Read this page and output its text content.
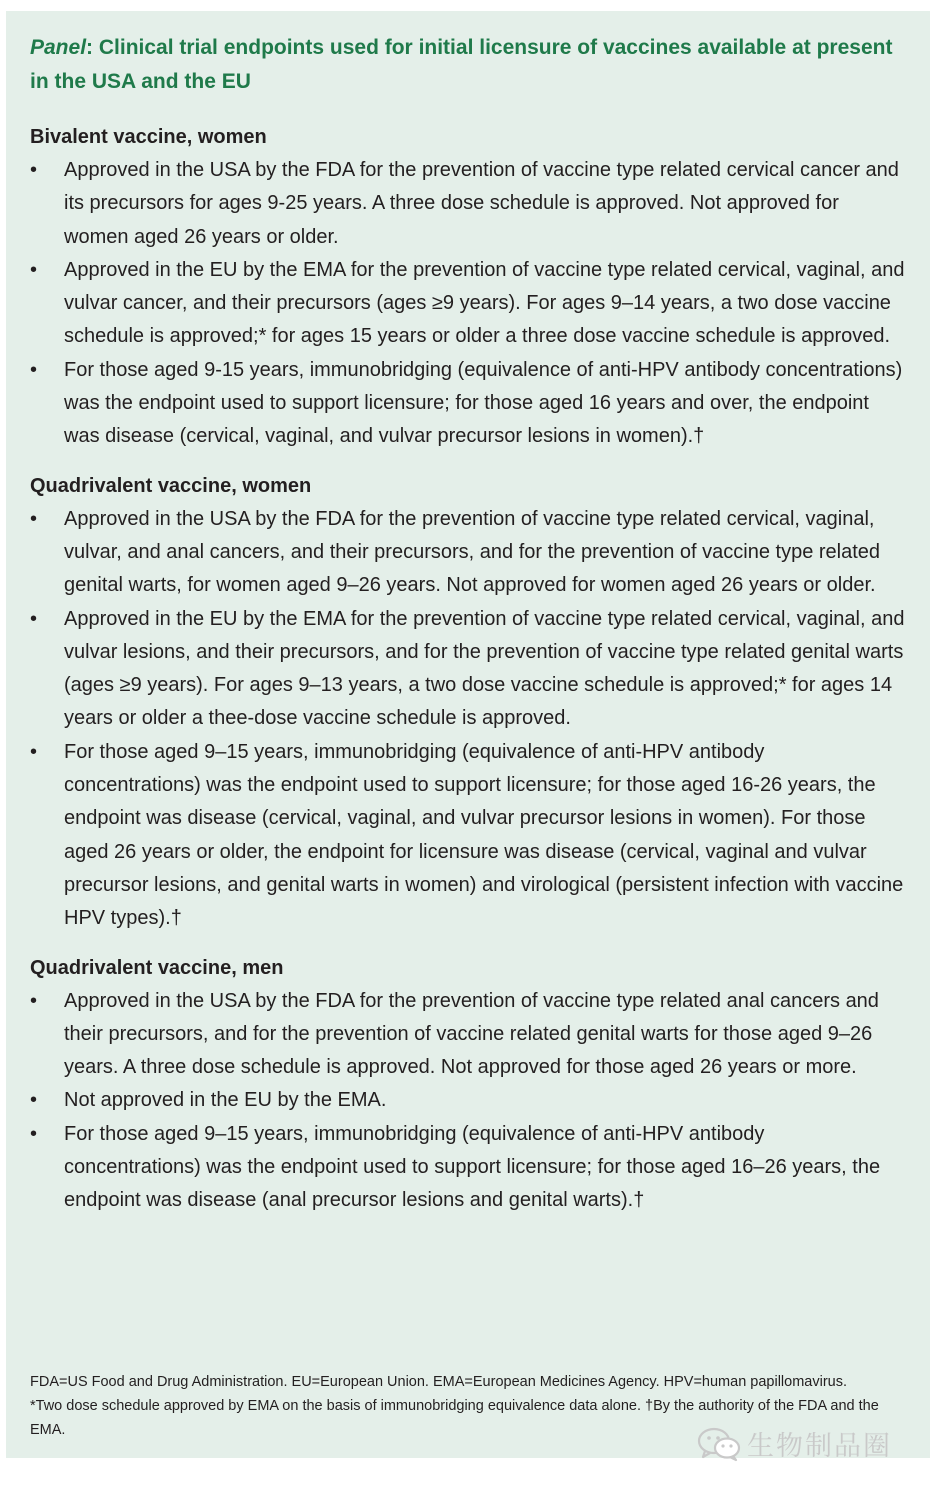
Panel: Clinical trial endpoints used for initial licensure of vaccines available at present in the USA and the EU
Bivalent vaccine, women
•	Approved in the USA by the FDA for the prevention of vaccine type related cervical cancer and its precursors for ages 9-25 years. A three dose schedule is approved. Not approved for women aged 26 years or older.
•	Approved in the EU by the EMA for the prevention of vaccine type related cervical, vaginal, and vulvar cancer, and their precursors (ages ≥9 years). For ages 9–14 years, a two dose vaccine schedule is approved;* for ages 15 years or older a three dose vaccine schedule is approved.
•	For those aged 9-15 years, immunobridging (equivalence of anti-HPV antibody concentrations) was the endpoint used to support licensure; for those aged 16 years and over, the endpoint was disease (cervical, vaginal, and vulvar precursor lesions in women).†
Quadrivalent vaccine, women
•	Approved in the USA by the FDA for the prevention of vaccine type related cervical, vaginal, vulvar, and anal cancers, and their precursors, and for the prevention of vaccine type related genital warts, for women aged 9–26 years. Not approved for women aged 26 years or older.
•	Approved in the EU by the EMA for the prevention of vaccine type related cervical, vaginal, and vulvar lesions, and their precursors, and for the prevention of vaccine type related genital warts (ages ≥9 years). For ages 9–13 years, a two dose vaccine schedule is approved;* for ages 14 years or older a thee-dose vaccine schedule is approved.
•	For those aged 9–15 years, immunobridging (equivalence of anti-HPV antibody concentrations) was the endpoint used to support licensure; for those aged 16-26 years, the endpoint was disease (cervical, vaginal, and vulvar precursor lesions in women). For those aged 26 years or older, the endpoint for licensure was disease (cervical, vaginal and vulvar precursor lesions, and genital warts in women) and virological (persistent infection with vaccine HPV types).†
Quadrivalent vaccine, men
•	Approved in the USA by the FDA for the prevention of vaccine type related anal cancers and their precursors, and for the prevention of vaccine related genital warts for those aged 9–26 years. A three dose schedule is approved. Not approved for those aged 26 years or more.
•	Not approved in the EU by the EMA.
•	For those aged 9–15 years, immunobridging (equivalence of anti-HPV antibody concentrations) was the endpoint used to support licensure; for those aged 16–26 years, the endpoint was disease (anal precursor lesions and genital warts).†

FDA=US Food and Drug Administration. EU=European Union. EMA=European Medicines Agency. HPV=human papillomavirus.

*Two dose schedule approved by EMA on the basis of immunobridging equivalence data alone. †By the authority of the FDA and the EMA.

生物制品圈
